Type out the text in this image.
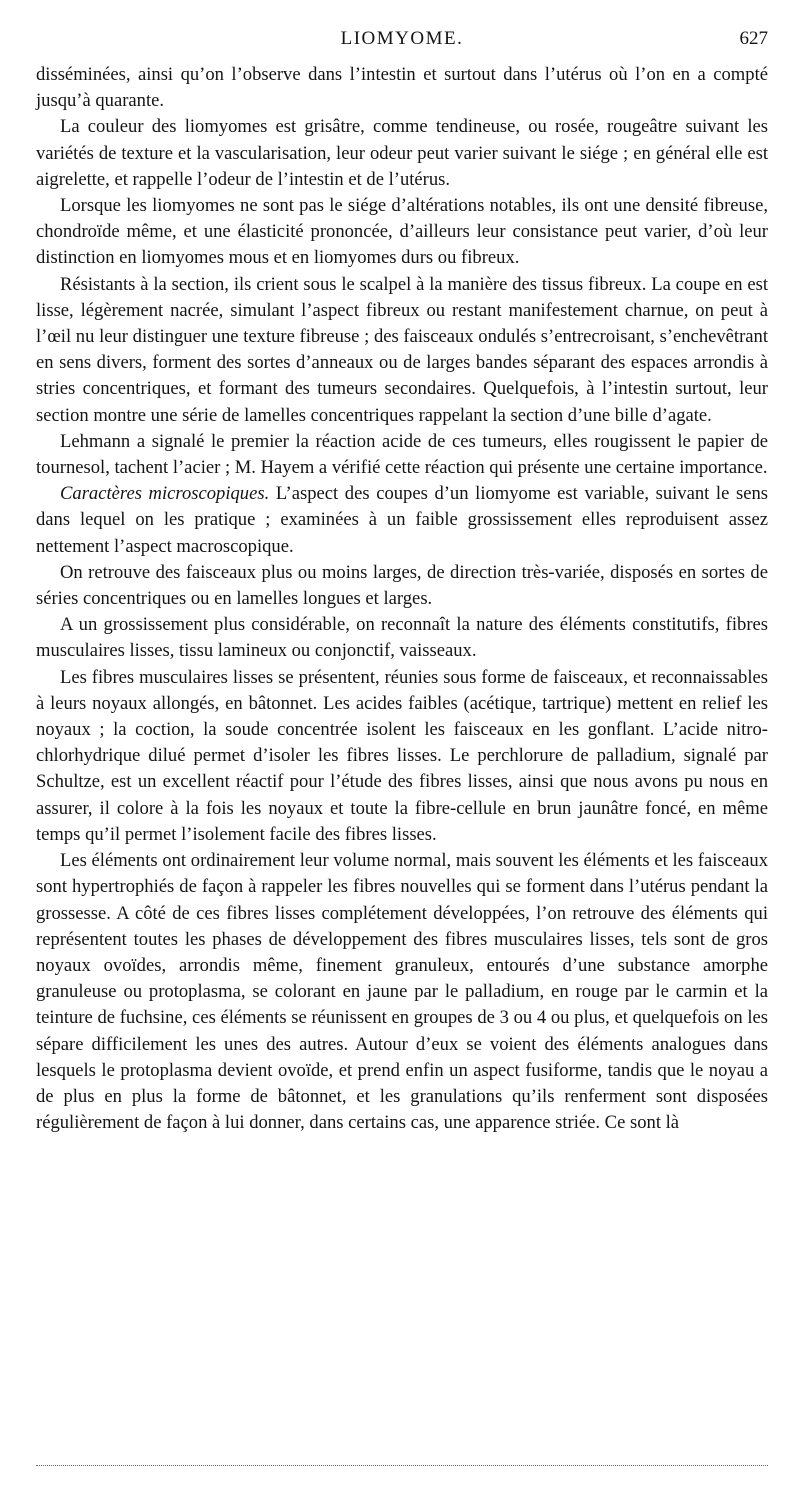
LIOMYOME.	627

disséminées, ainsi qu’on l’observe dans l’intestin et surtout dans l’utérus où l’on en a compté jusqu’à quarante.

La couleur des liomyomes est grisâtre, comme tendineuse, ou rosée, rougeâtre suivant les variétés de texture et la vascularisation, leur odeur peut varier suivant le siége ; en général elle est aigrelette, et rappelle l’odeur de l’intestin et de l’utérus.

Lorsque les liomyomes ne sont pas le siége d’altérations notables, ils ont une densité fibreuse, chondroïde même, et une élasticité prononcée, d’ailleurs leur consistance peut varier, d’où leur distinction en liomyomes mous et en liomyomes durs ou fibreux.

Résistants à la section, ils crient sous le scalpel à la manière des tissus fibreux. La coupe en est lisse, légèrement nacrée, simulant l’aspect fibreux ou restant manifestement charnue, on peut à l’œil nu leur distinguer une texture fibreuse ; des faisceaux ondulés s’entrecroisant, s’enchevêtrant en sens divers, forment des sortes d’anneaux ou de larges bandes séparant des espaces arrondis à stries concentriques, et formant des tumeurs secondaires. Quelquefois, à l’intestin surtout, leur section montre une série de lamelles concentriques rappelant la section d’une bille d’agate.

Lehmann a signalé le premier la réaction acide de ces tumeurs, elles rougissent le papier de tournesol, tachent l’acier ; M. Hayem a vérifié cette réaction qui présente une certaine importance.

Caractères microscopiques. L’aspect des coupes d’un liomyome est variable, suivant le sens dans lequel on les pratique ; examinées à un faible grossissement elles reproduisent assez nettement l’aspect macroscopique.

On retrouve des faisceaux plus ou moins larges, de direction très-variée, disposés en sortes de séries concentriques ou en lamelles longues et larges.

A un grossissement plus considérable, on reconnaît la nature des éléments constitutifs, fibres musculaires lisses, tissu lamineux ou conjonctif, vaisseaux.

Les fibres musculaires lisses se présentent, réunies sous forme de faisceaux, et reconnaissables à leurs noyaux allongés, en bâtonnet. Les acides faibles (acétique, tartrique) mettent en relief les noyaux ; la coction, la soude concentrée isolent les faisceaux en les gonflant. L’acide nitro-chlorhydrique dilué permet d’isoler les fibres lisses. Le perchlorure de palladium, signalé par Schultze, est un excellent réactif pour l’étude des fibres lisses, ainsi que nous avons pu nous en assurer, il colore à la fois les noyaux et toute la fibre-cellule en brun jaunâtre foncé, en même temps qu’il permet l’isolement facile des fibres lisses.

Les éléments ont ordinairement leur volume normal, mais souvent les éléments et les faisceaux sont hypertrophiés de façon à rappeler les fibres nouvelles qui se forment dans l’utérus pendant la grossesse. A côté de ces fibres lisses complétement développées, l’on retrouve des éléments qui représentent toutes les phases de développement des fibres musculaires lisses, tels sont de gros noyaux ovoïdes, arrondis même, finement granuleux, entourés d’une substance amorphe granuleuse ou protoplasma, se colorant en jaune par le palladium, en rouge par le carmin et la teinture de fuchsine, ces éléments se réunissent en groupes de 3 ou 4 ou plus, et quelquefois on les sépare difficilement les unes des autres. Autour d’eux se voient des éléments analogues dans lesquels le protoplasma devient ovoïde, et prend enfin un aspect fusiforme, tandis que le noyau a de plus en plus la forme de bâtonnet, et les granulations qu’ils renferment sont disposées régulièrement de façon à lui donner, dans certains cas, une apparence striée. Ce sont là
